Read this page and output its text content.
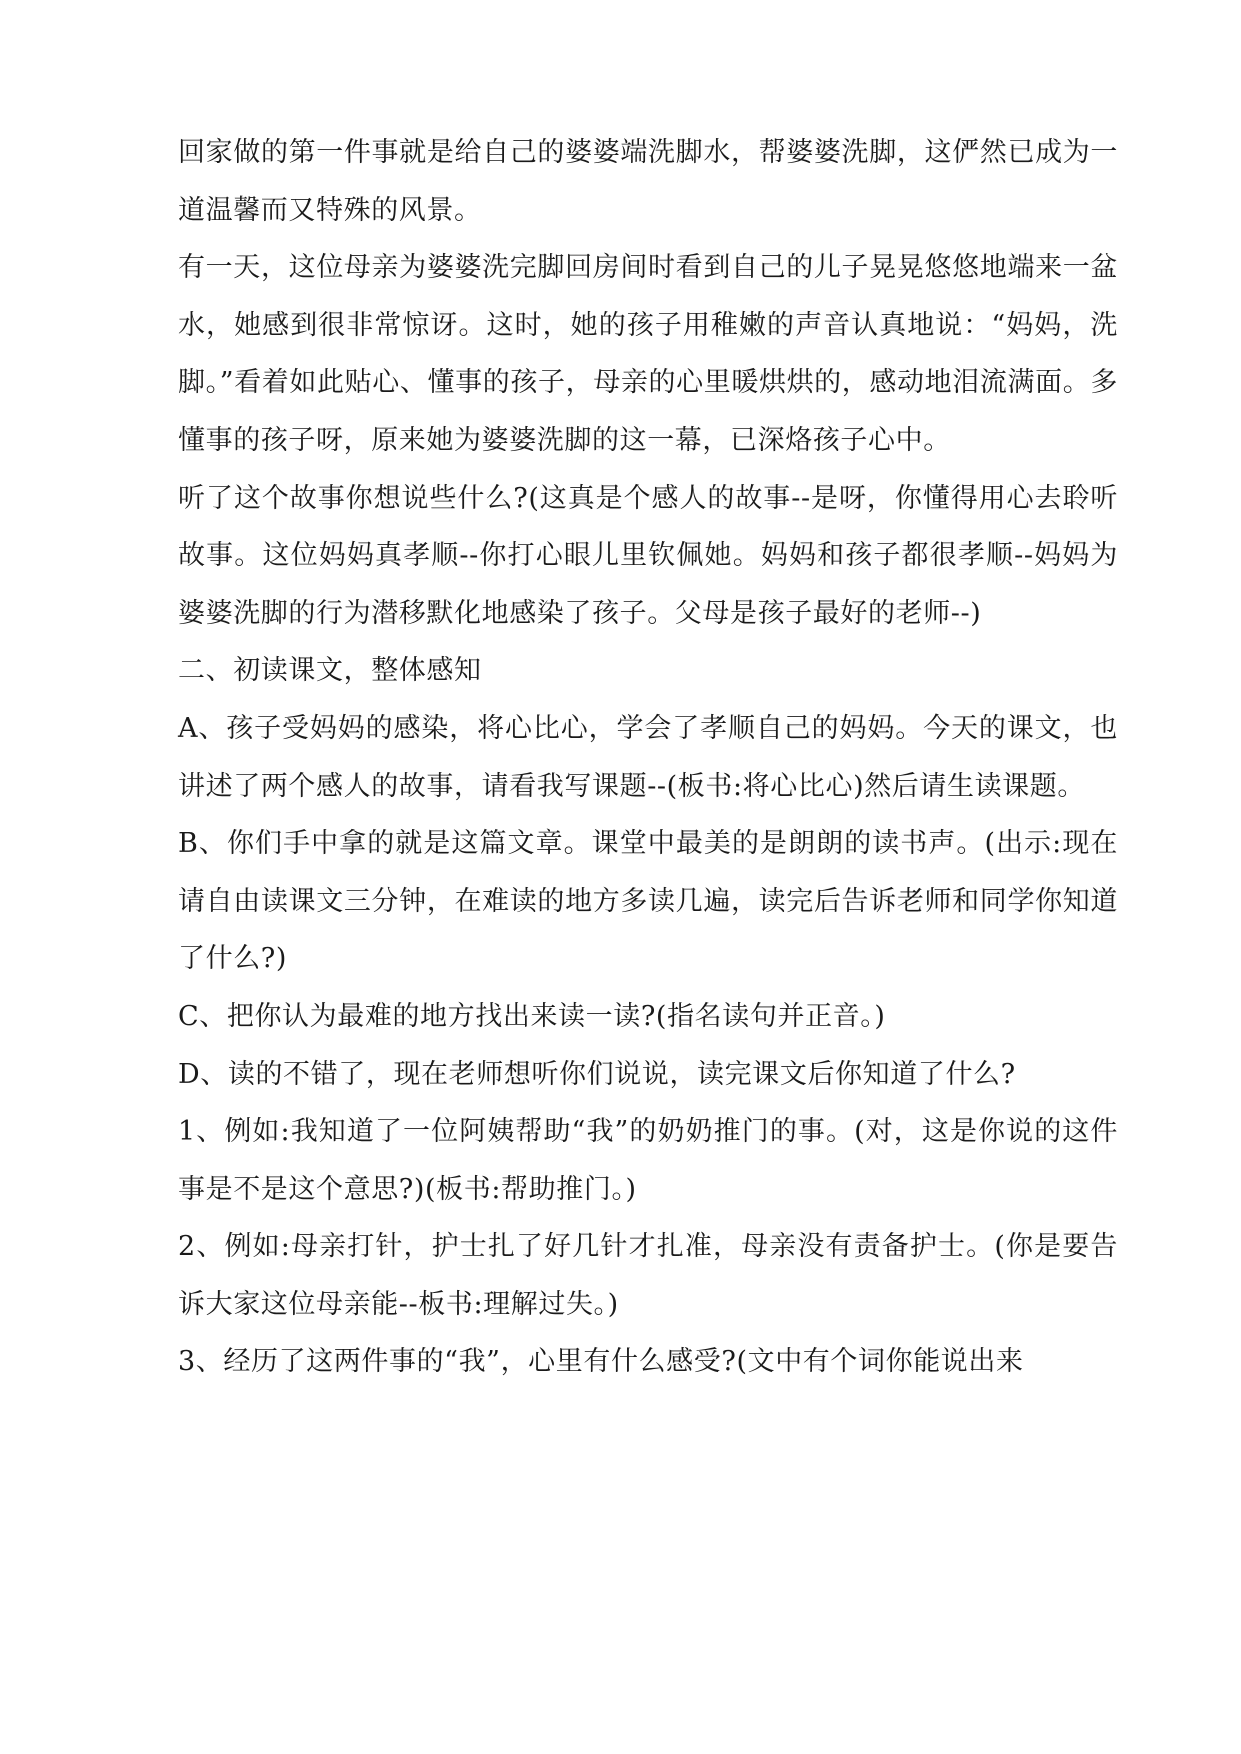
回家做的第一件事就是给自己的婆婆端洗脚水，帮婆婆洗脚，这俨然已成为一道温馨而又特殊的风景。

有一天，这位母亲为婆婆洗完脚回房间时看到自己的儿子晃晃悠悠地端来一盆水，她感到很非常惊讶。这时，她的孩子用稚嫩的声音认真地说：“妈妈，洗脚。”看着如此贴心、懂事的孩子，母亲的心里暖烘烘的，感动地泪流满面。多懂事的孩子呀，原来她为婆婆洗脚的这一幕，已深烙孩子心中。

听了这个故事你想说些什么?(这真是个感人的故事--是呀，你懂得用心去聆听故事。这位妈妈真孝顺--你打心眼儿里钦佩她。妈妈和孩子都很孝顺--妈妈为婆婆洗脚的行为潜移默化地感染了孩子。父母是孩子最好的老师--)

二、初读课文，整体感知

A、孩子受妈妈的感染，将心比心，学会了孝顺自己的妈妈。今天的课文，也讲述了两个感人的故事，请看我写课题--(板书:将心比心)然后请生读课题。

B、你们手中拿的就是这篇文章。课堂中最美的是朗朗的读书声。(出示:现在请自由读课文三分钟，在难读的地方多读几遍，读完后告诉老师和同学你知道了什么?)

C、把你认为最难的地方找出来读一读?(指名读句并正音。)

D、读的不错了，现在老师想听你们说说，读完课文后你知道了什么?

1、例如:我知道了一位阿姨帮助“我”的奶奶推门的事。(对，这是你说的这件事是不是这个意思?)(板书:帮助推门。)

2、例如:母亲打针，护士扎了好几针才扎准，母亲没有责备护士。(你是要告诉大家这位母亲能--板书:理解过失。)

3、经历了这两件事的“我”，心里有什么感受?(文中有个词你能说出来
